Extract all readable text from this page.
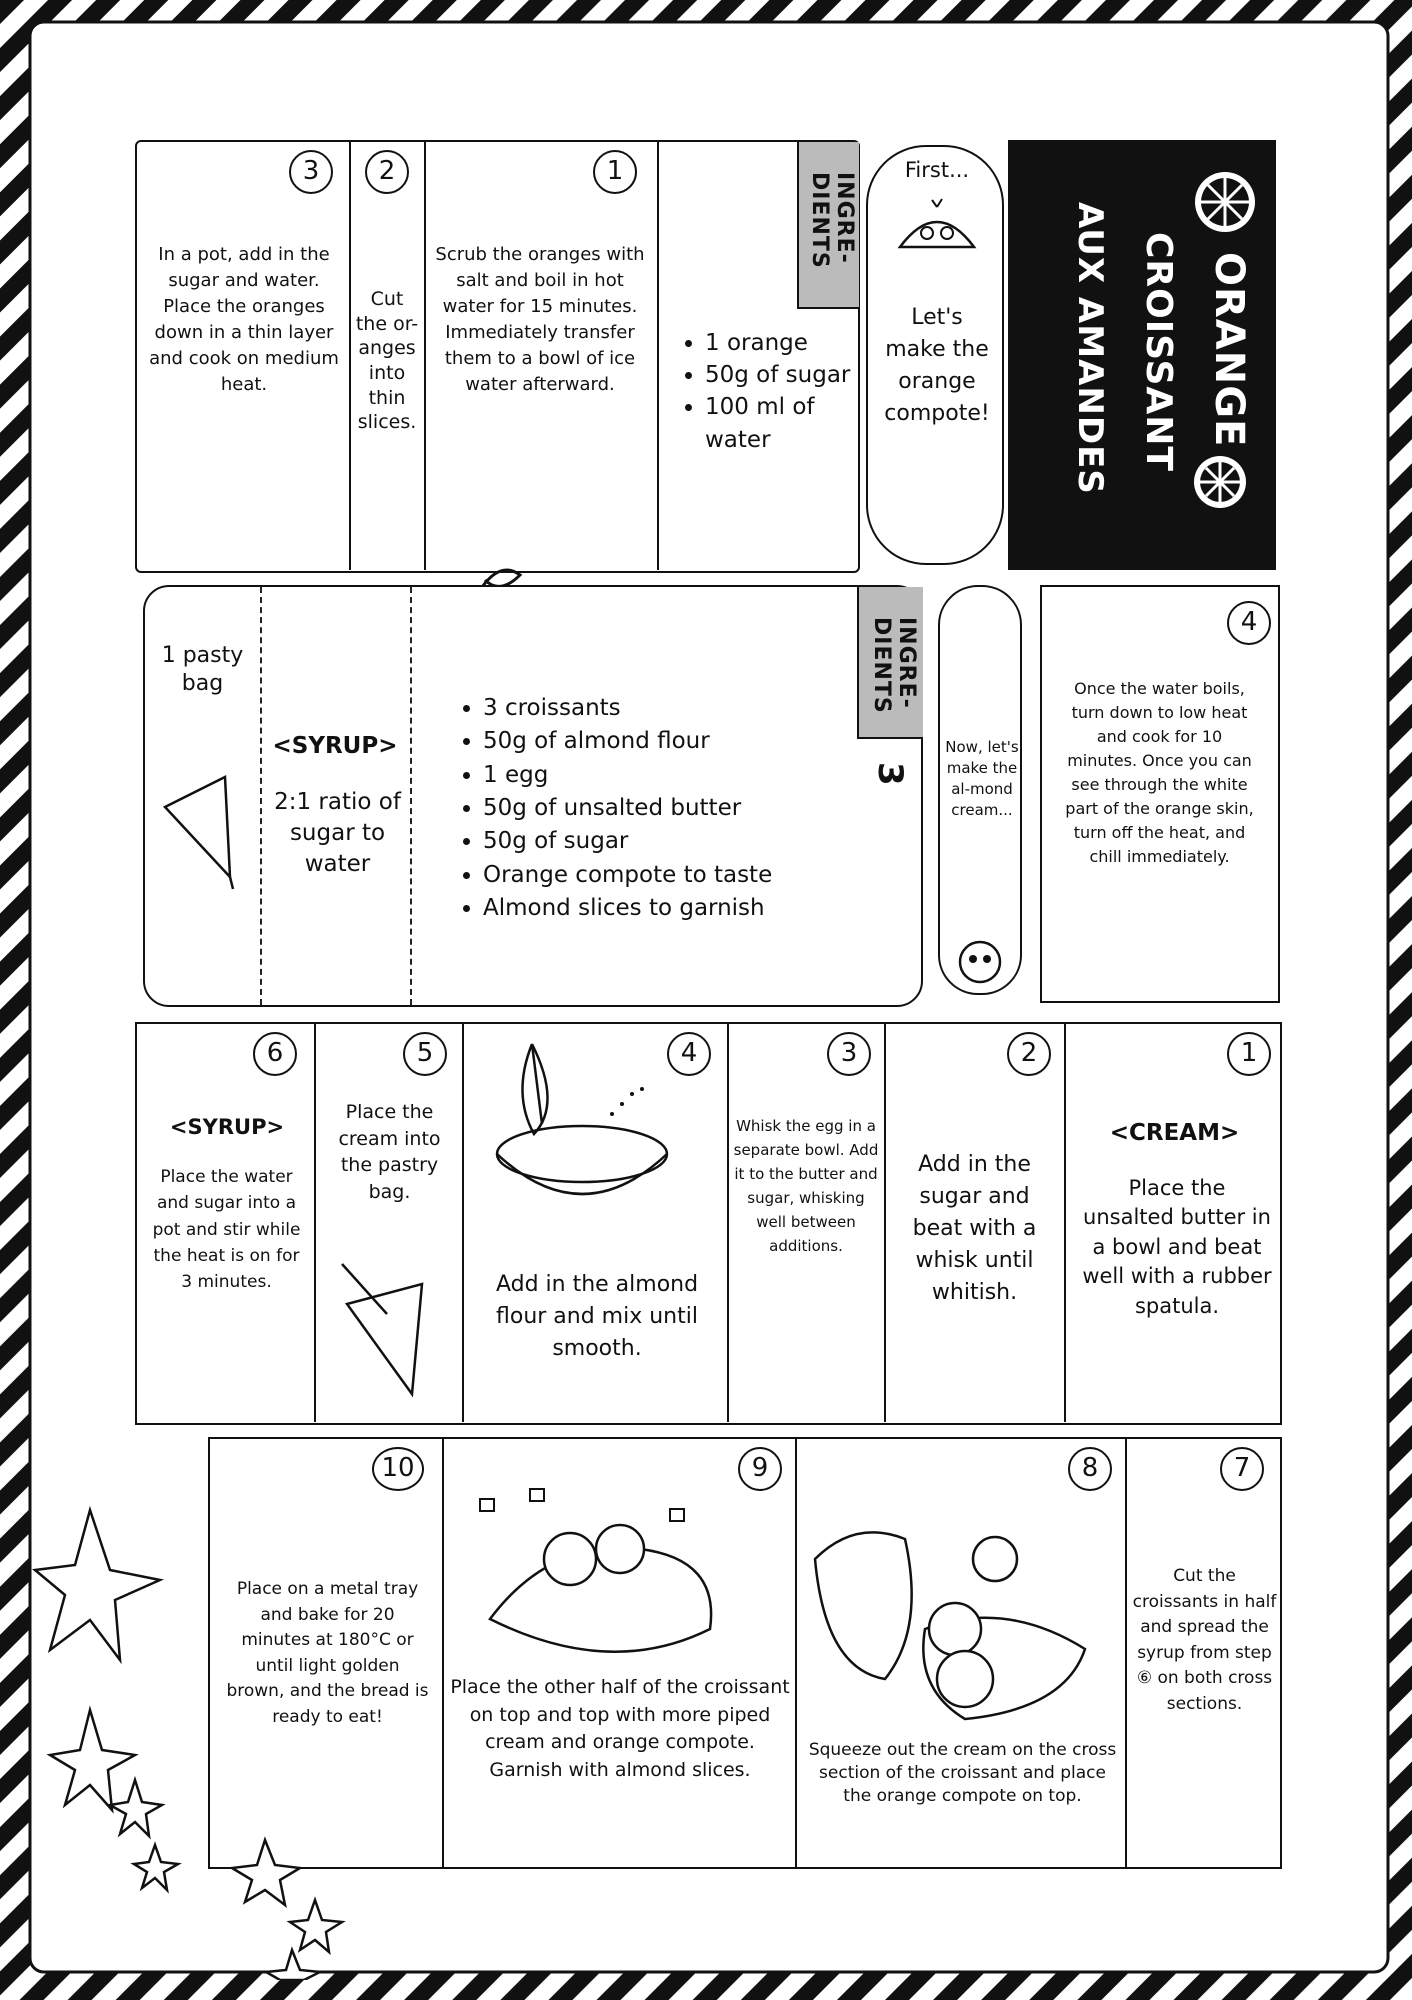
ORANGE
CROISSANT
AUX AMANDES
First...
Let's make the orange compote!
3
In a pot, add in the sugar and water. Place the oranges down in a thin layer and cook on medium heat.
2
Cut the or-anges into thin slices.
1
Scrub the oranges with salt and boil in hot water for 15 minutes. Immediately transfer them to a bowl of ice water afterward.
INGRE-
DIENTS
• 1 orange
• 50g of sugar
• 100 ml of water
4
Once the water boils, turn down to low heat and cook for 10 minutes. Once you can see through the white part of the orange skin, turn off the heat, and chill immediately.
Now, let's make the al-mond cream...
1 pasty bag
<SYRUP>
2:1 ratio of sugar to water
• 3 croissants
• 50g of almond flour
• 1 egg
• 50g of unsalted butter
• 50g of sugar
• Orange compote to taste
• Almond slices to garnish
INGRE-
DIENTS
3
6
<SYRUP>
Place the water and sugar into a pot and stir while the heat is on for 3 minutes.
5
Place the cream into the pastry bag.
4
Add in the almond flour and mix until smooth.
3
Whisk the egg in a separate bowl. Add it to the butter and sugar, whisking well between additions.
2
Add in the sugar and beat with a whisk until whitish.
1
<CREAM>
Place the unsalted butter in a bowl and beat well with a rubber spatula.
10
Place on a metal tray and bake for 20 minutes at 180°C or until light golden brown, and the bread is ready to eat!
9
Place the other half of the croissant on top and top with more piped cream and orange compote. Garnish with almond slices.
8
Squeeze out the cream on the cross section of the croissant and place the orange compote on top.
7
Cut the croissants in half and spread the syrup from step ⑥ on both cross sections.
